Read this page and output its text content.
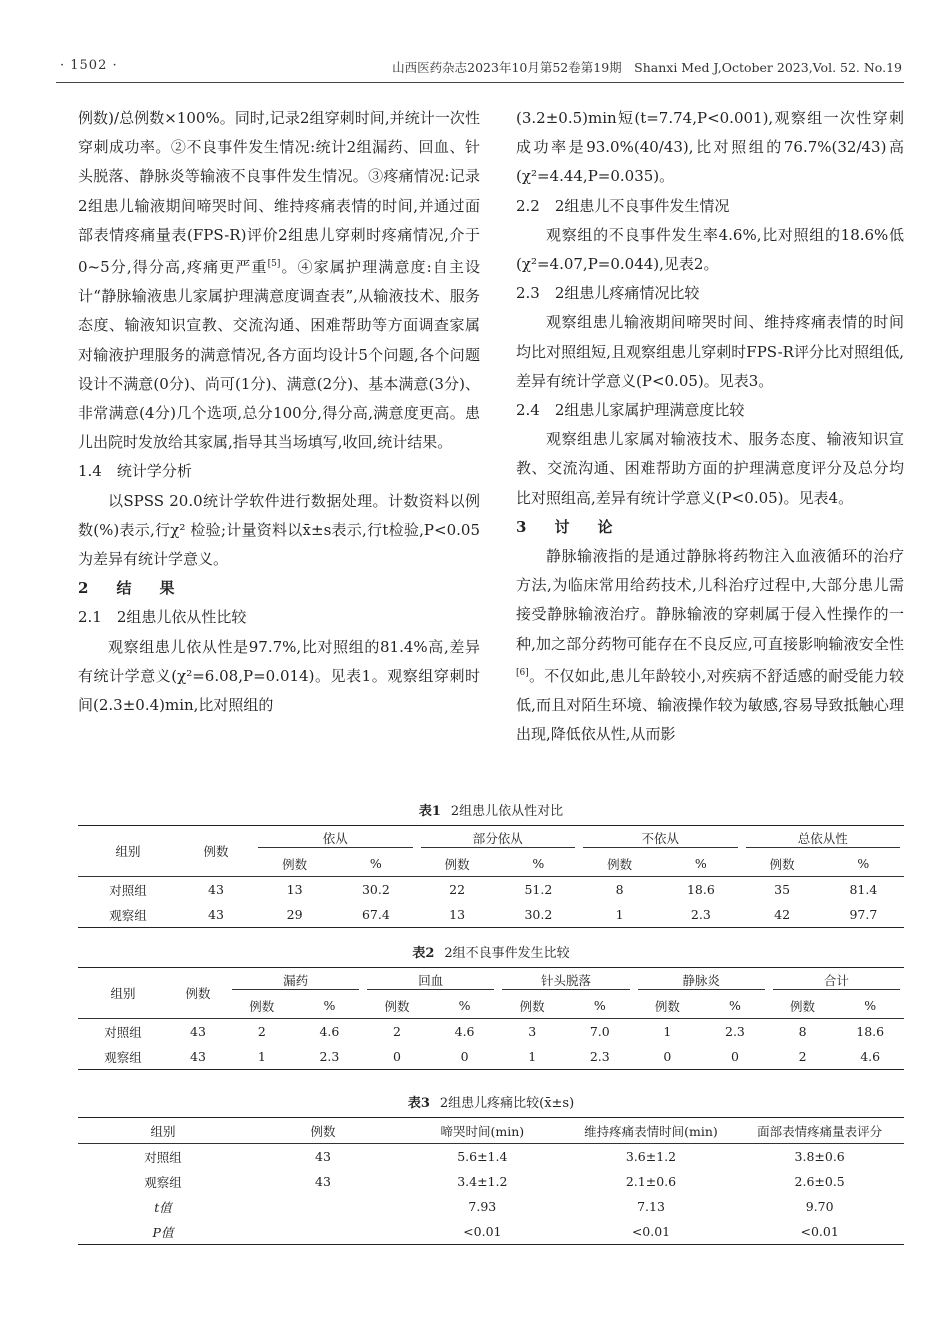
· 1502 ·	山西医药杂志2023年10月第52卷第19期　Shanxi Med J,October 2023,Vol. 52. No.19

例数)/总例数×100%。同时,记录2组穿刺时间,并统计一次性穿刺成功率。②不良事件发生情况:统计2组漏药、回血、针头脱落、静脉炎等输液不良事件发生情况。③疼痛情况:记录2组患儿输液期间啼哭时间、维持疼痛表情的时间,并通过面部表情疼痛量表(FPS-R)评价2组患儿穿刺时疼痛情况,介于0~5分,得分高,疼痛更严重[5]。④家属护理满意度:自主设计“静脉输液患儿家属护理满意度调查表”,从输液技术、服务态度、输液知识宣教、交流沟通、困难帮助等方面调查家属对输液护理服务的满意情况,各方面均设计5个问题,各个问题设计不满意(0分)、尚可(1分)、满意(2分)、基本满意(3分)、非常满意(4分)几个选项,总分100分,得分高,满意度更高。患儿出院时发放给其家属,指导其当场填写,收回,统计结果。

1.4　统计学分析

以SPSS 20.0统计学软件进行数据处理。计数资料以例数(%)表示,行χ² 检验;计量资料以x̄±s表示,行t检验,P<0.05为差异有统计学意义。

2 结 果

2.1　2组患儿依从性比较

观察组患儿依从性是97.7%,比对照组的81.4%高,差异有统计学意义(χ²=6.08,P=0.014)。见表1。观察组穿刺时间(2.3±0.4)min,比对照组的

(3.2±0.5)min短(t=7.74,P<0.001),观察组一次性穿刺成功率是93.0%(40/43),比对照组的76.7%(32/43)高(χ²=4.44,P=0.035)。

2.2　2组患儿不良事件发生情况

观察组的不良事件发生率4.6%,比对照组的18.6%低(χ²=4.07,P=0.044),见表2。

2.3　2组患儿疼痛情况比较

观察组患儿输液期间啼哭时间、维持疼痛表情的时间均比对照组短,且观察组患儿穿刺时FPS-R评分比对照组低,差异有统计学意义(P<0.05)。见表3。

2.4　2组患儿家属护理满意度比较

观察组患儿家属对输液技术、服务态度、输液知识宣教、交流沟通、困难帮助方面的护理满意度评分及总分均比对照组高,差异有统计学意义(P<0.05)。见表4。

3 讨 论

静脉输液指的是通过静脉将药物注入血液循环的治疗方法,为临床常用给药技术,儿科治疗过程中,大部分患儿需接受静脉输液治疗。静脉输液的穿刺属于侵入性操作的一种,加之部分药物可能存在不良反应,可直接影响输液安全性[6]。不仅如此,患儿年龄较小,对疾病不舒适感的耐受能力较低,而且对陌生环境、输液操作较为敏感,容易导致抵触心理出现,降低依从性,从而影

表1 2组患儿依从性对比

组别	例数	依从		部分依从		不依从		总依从性	

		例数	%	例数	%	例数	%	例数	%
对照组	43	13	30.2	22	51.2	8	18.6	35	81.4
观察组	43	29	67.4	13	30.2	1	2.3	42	97.7

表2 2组不良事件发生比较

组别	例数	漏药		回血		针头脱落		静脉炎		合计	

		例数	%	例数	%	例数	%	例数	%	例数	%
对照组	43	2	4.6	2	4.6	3	7.0	1	2.3	8	18.6
观察组	43	1	2.3	0	0	1	2.3	0	0	2	4.6

表3 2组患儿疼痛比较(x̄±s)

组别	例数	啼哭时间(min)	维持疼痛表情时间(min)	面部表情疼痛量表评分
对照组	43	5.6±1.4	3.6±1.2	3.8±0.6
观察组	43	3.4±1.2	2.1±0.6	2.6±0.5
t值		7.93	7.13	9.70
P值		<0.01	<0.01	<0.01
